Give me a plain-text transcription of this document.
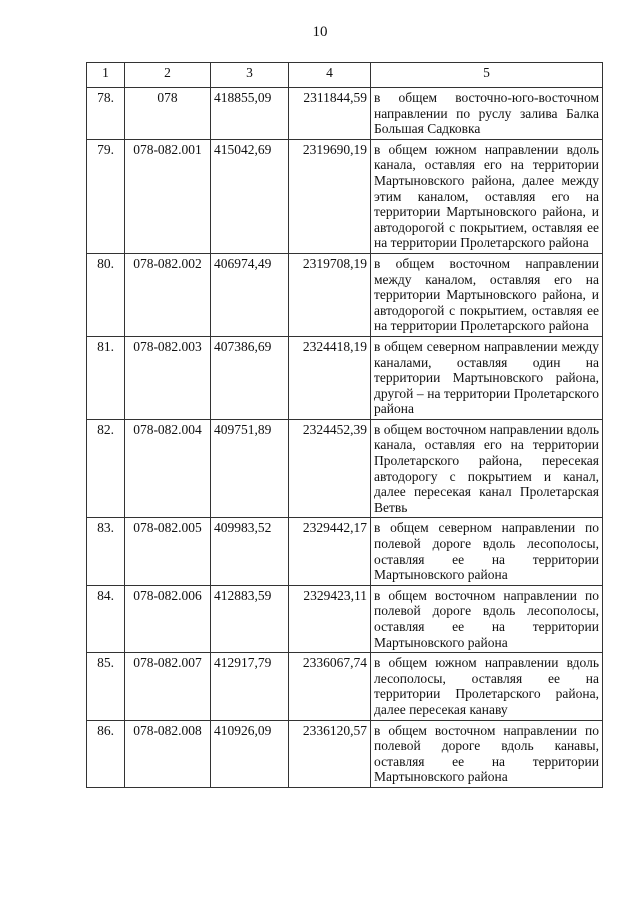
10
1	2	3	4	5
78.	078	418855,09	2311844,59	в общем восточно-юго-восточном направлении по руслу залива Балка Большая Садковка
79.	078-082.001	415042,69	2319690,19	в общем южном направлении вдоль канала, оставляя его на территории Мартыновского района, далее между этим каналом, оставляя его на территории Мартыновского района, и автодорогой с покрытием, оставляя ее на территории Пролетарского района
80.	078-082.002	406974,49	2319708,19	в общем восточном направлении между каналом, оставляя его на территории Мартыновского района, и автодорогой с покрытием, оставляя ее на территории Пролетарского района
81.	078-082.003	407386,69	2324418,19	в общем северном направлении между каналами, оставляя один на территории Мартыновского района, другой – на территории Пролетарского района
82.	078-082.004	409751,89	2324452,39	в общем восточном направлении вдоль канала, оставляя его на территории Пролетарского района, пересекая автодорогу с покрытием и канал, далее пересекая канал Пролетарская Ветвь
83.	078-082.005	409983,52	2329442,17	в общем северном направлении по полевой дороге вдоль лесополосы, оставляя ее на территории Мартыновского района
84.	078-082.006	412883,59	2329423,11	в общем восточном направлении по полевой дороге вдоль лесополосы, оставляя ее на территории Мартыновского района
85.	078-082.007	412917,79	2336067,74	в общем южном направлении вдоль лесополосы, оставляя ее на территории Пролетарского района, далее пересекая канаву
86.	078-082.008	410926,09	2336120,57	в общем восточном направлении по полевой дороге вдоль канавы, оставляя ее на территории Мартыновского района
